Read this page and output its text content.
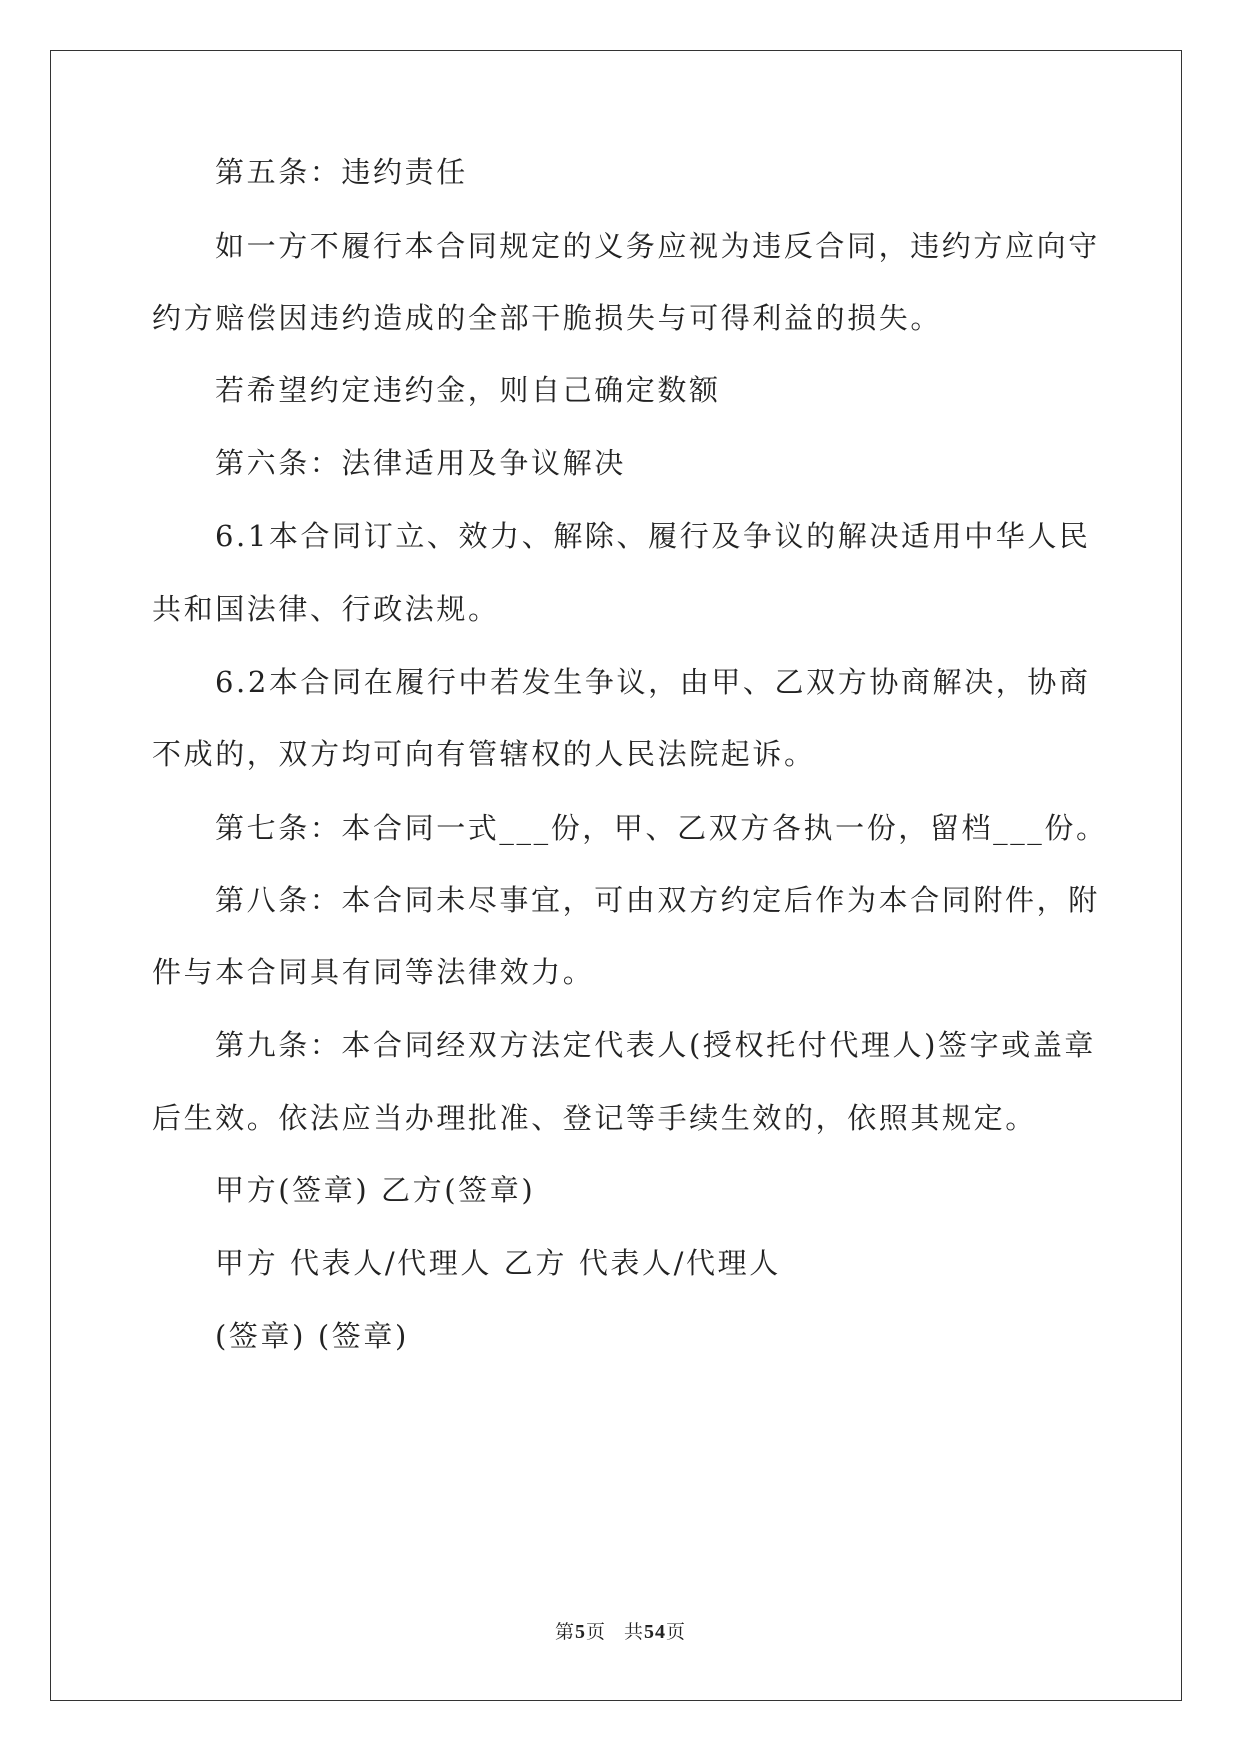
第五条：违约责任
如一方不履行本合同规定的义务应视为违反合同，违约方应向守
约方赔偿因违约造成的全部干脆损失与可得利益的损失。
若希望约定违约金，则自己确定数额
第六条：法律适用及争议解决
6.1本合同订立、效力、解除、履行及争议的解决适用中华人民
共和国法律、行政法规。
6.2本合同在履行中若发生争议，由甲、乙双方协商解决，协商
不成的，双方均可向有管辖权的人民法院起诉。
第七条：本合同一式___份，甲、乙双方各执一份，留档___份。
第八条：本合同未尽事宜，可由双方约定后作为本合同附件，附
件与本合同具有同等法律效力。
第九条：本合同经双方法定代表人(授权托付代理人)签字或盖章
后生效。依法应当办理批准、登记等手续生效的，依照其规定。
甲方(签章) 乙方(签章)
甲方 代表人/代理人 乙方 代表人/代理人
(签章) (签章)
第5页 共54页
